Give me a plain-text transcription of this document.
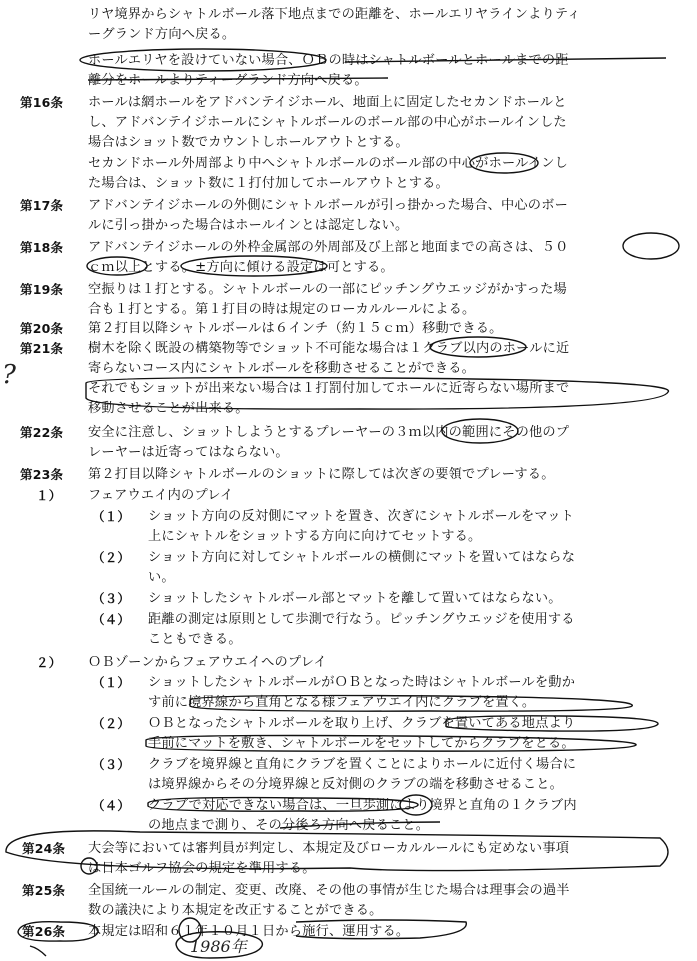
リヤ境界からシャトルボール落下地点までの距離を、ホールエリヤラインよりティ
ーグランド方向へ戻る。
ホールエリヤを設けていない場合、ＯＢの時はシャトルボールとホールまでの距
離分をホールよりティーグランド方向へ戻る。
第16条 ホールは網ホールをアドバンテイジホール、地面上に固定したセカンドホールと
し、アドバンテイジホールにシャトルボールのボール部の中心がホールインした
場合はショット数でカウントしホールアウトとする。
セカンドホール外周部より中へシャトルボールのボール部の中心がホールインし
た場合は、ショット数に１打付加してホールアウトとする。
第17条 アドバンテイジホールの外側にシャトルボールが引っ掛かった場合、中心のボー
ルに引っ掛かった場合はホールインとは認定しない。
第18条 アドバンテイジホールの外枠金属部の外周部及び上部と地面までの高さは、５０
ｃｍ以上とする。±方向に傾ける設定は可とする。
第19条 空振りは１打とする。シャトルボールの一部にピッチングウエッジがかすった場
合も１打とする。第１打目の時は規定のローカルルールによる。
第20条 第２打目以降シャトルボールは６インチ（約１５ｃｍ）移動できる。
第21条 樹木を除く既設の構築物等でショット不可能な場合は１クラブ以内のホールに近
寄らないコース内にシャトルボールを移動させることができる。
それでもショットが出来ない場合は１打罰付加してホールに近寄らない場所まで
移動させることが出来る。
?
第22条 安全に注意し、ショットしようとするプレーヤーの３ｍ以内の範囲にその他のプ
レーヤーは近寄ってはならない。
第23条 第２打目以降シャトルボールのショットに際しては次ぎの要領でプレーする。
１） フェアウエイ内のプレイ
（１） ショット方向の反対側にマットを置き、次ぎにシャトルボールをマット
上にシャトルをショットする方向に向けてセットする。
（２） ショット方向に対してシャトルボールの横側にマットを置いてはならな
い。
（３） ショットしたシャトルボール部とマットを離して置いてはならない。
（４） 距離の測定は原則として歩測で行なう。ピッチングウエッジを使用する
こともできる。
２） ＯＢゾーンからフェアウエイへのプレイ
（１） ショットしたシャトルボールがＯＢとなった時はシャトルボールを動か
す前に境界線から直角となる様フェアウエイ内にクラブを置く。
（２） ＯＢとなったシャトルボールを取り上げ、クラブを置いてある地点より
手前にマットを敷き、シャトルボールをセットしてからクラブをとる。
（３） クラブを境界線と直角にクラブを置くことによりホールに近付く場合に
は境界線からその分境界線と反対側のクラブの端を移動させること。
（４） クラブで対応できない場合は、一旦歩測により境界と直角の１クラブ内
の地点まで測り、その分後ろ方向へ戻ること。
第24条 大会等においては審判員が判定し、本規定及びローカルルールにも定めない事項
は日本ゴルフ協会の規定を準用する。
第25条 全国統一ルールの制定、変更、改廃、その他の事情が生じた場合は理事会の過半
数の議決により本規定を改正することができる。
第26条 本規定は昭和６１年１０月１日から施行、運用する。
1986年
